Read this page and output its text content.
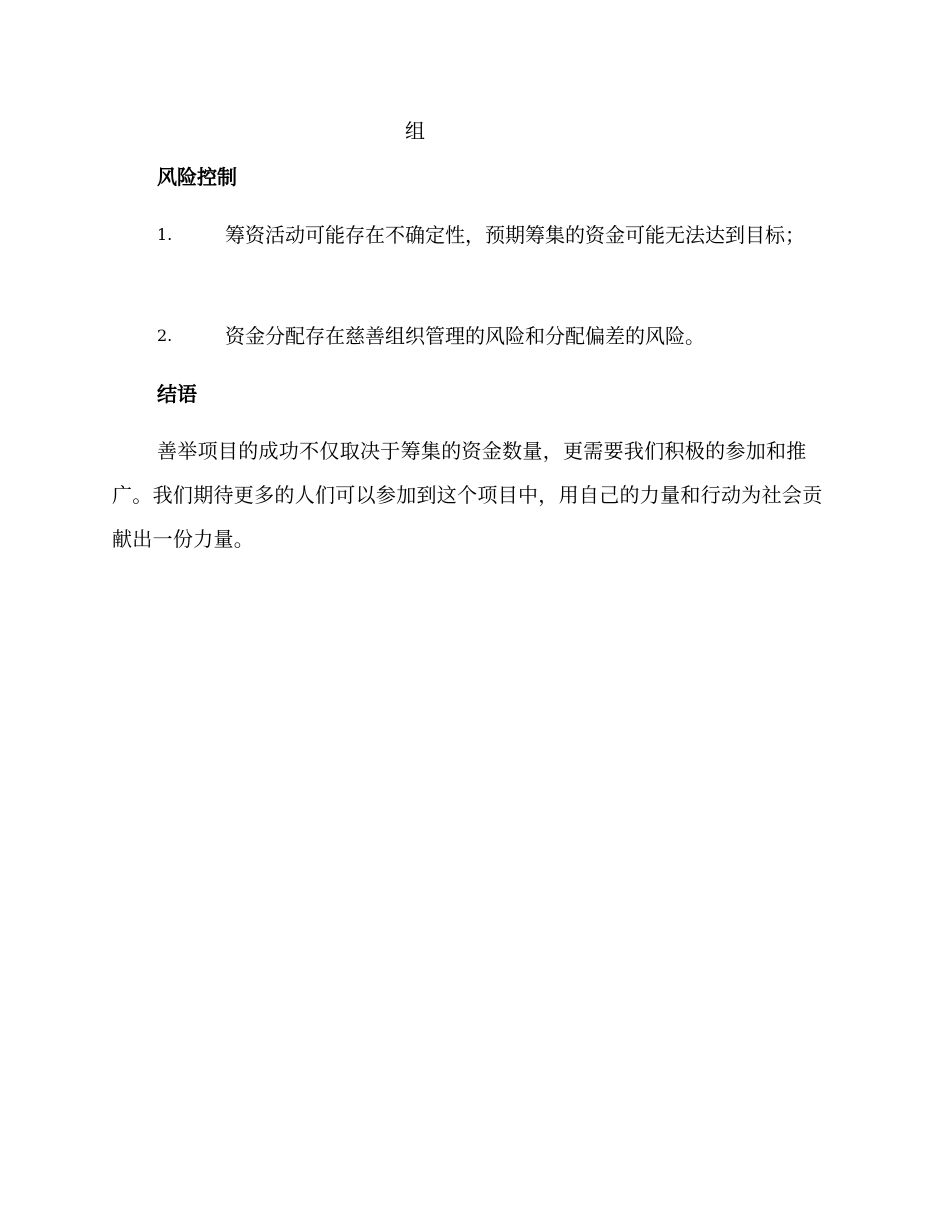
组
风险控制
1.	筹资活动可能存在不确定性，预期筹集的资金可能无法达到目标；
2.	资金分配存在慈善组织管理的风险和分配偏差的风险。
结语
善举项目的成功不仅取决于筹集的资金数量，更需要我们积极的参加和推广。我们期待更多的人们可以参加到这个项目中，用自己的力量和行动为社会贡献出一份力量。
